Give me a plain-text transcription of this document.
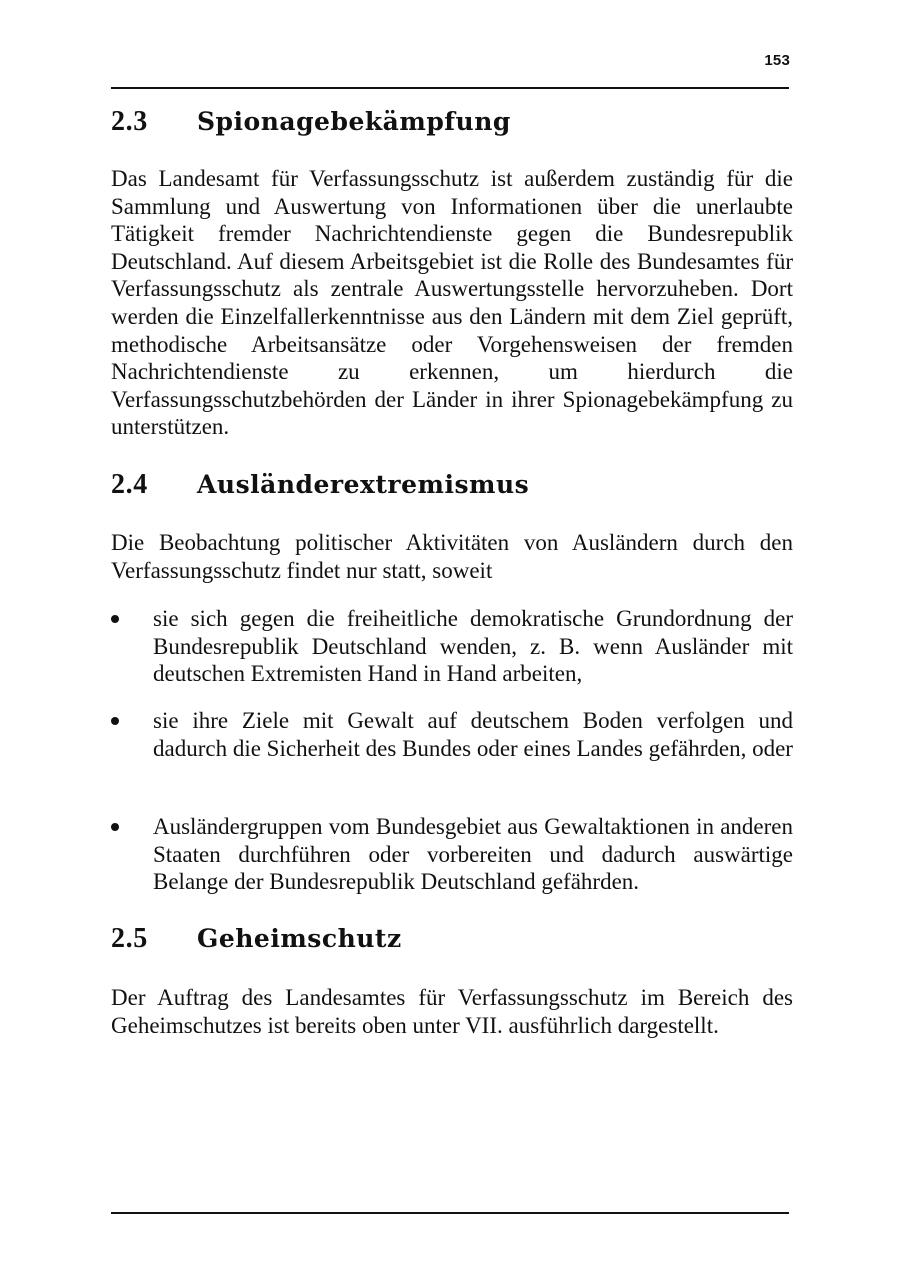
153
2.3 Spionagebekämpfung

Das Landesamt für Verfassungsschutz ist außerdem zuständig für die Sammlung und Auswertung von Informationen über die unerlaubte Tätigkeit fremder Nachrichtendienste gegen die Bundesrepublik Deutschland. Auf diesem Arbeitsgebiet ist die Rolle des Bundesamtes für Verfassungsschutz als zentrale Auswertungsstelle hervorzuheben. Dort werden die Einzelfallerkenntnisse aus den Ländern mit dem Ziel geprüft, methodische Arbeitsansätze oder Vorgehensweisen der fremden Nachrichtendienste zu erkennen, um hierdurch die Verfassungsschutzbehörden der Länder in ihrer Spionagebekämpfung zu unterstützen.

2.4 Ausländerextremismus

Die Beobachtung politischer Aktivitäten von Ausländern durch den Verfassungsschutz findet nur statt, soweit

sie sich gegen die freiheitliche demokratische Grundordnung der Bundesrepublik Deutschland wenden, z. B. wenn Ausländer mit deutschen Extremisten Hand in Hand arbeiten,
sie ihre Ziele mit Gewalt auf deutschem Boden verfolgen und dadurch die Sicherheit des Bundes oder eines Landes gefährden, oder
Ausländergruppen vom Bundesgebiet aus Gewaltaktionen in anderen Staaten durchführen oder vorbereiten und dadurch auswärtige Belange der Bundesrepublik Deutschland gefährden.
2.5 Geheimschutz

Der Auftrag des Landesamtes für Verfassungsschutz im Bereich des Geheimschutzes ist bereits oben unter VII. ausführlich dargestellt.
